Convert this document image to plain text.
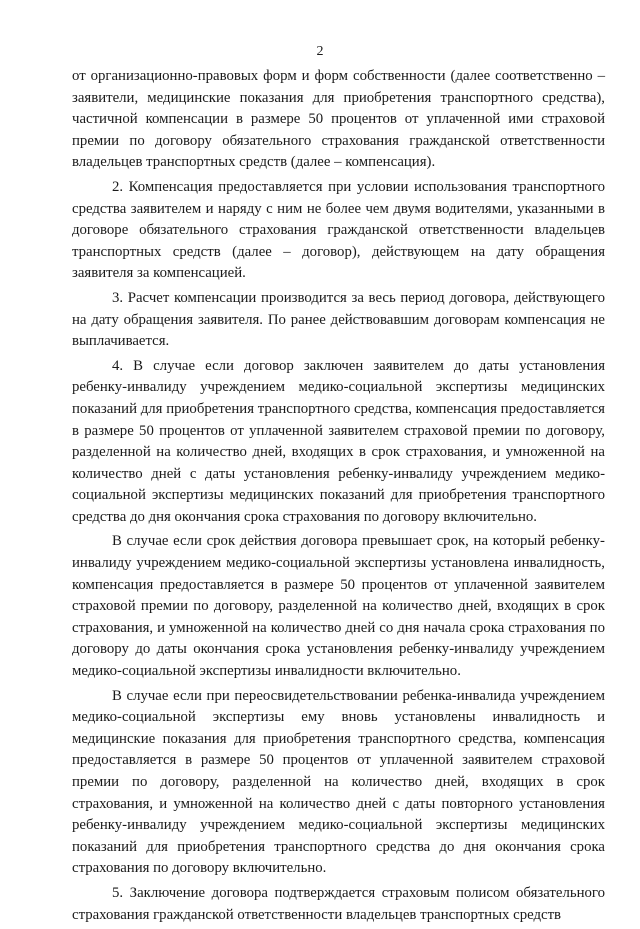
2

от организационно-правовых форм и форм собственности (далее соответственно – заявители, медицинские показания для приобретения транспортного средства), частичной компенсации в размере 50 процентов от уплаченной ими страховой премии по договору обязательного страхования гражданской ответственности владельцев транспортных средств (далее – компенсация).

2. Компенсация предоставляется при условии использования транспортного средства заявителем и наряду с ним не более чем двумя водителями, указанными в договоре обязательного страхования гражданской ответственности владельцев транспортных средств (далее – договор), действующем на дату обращения заявителя за компенсацией.

3. Расчет компенсации производится за весь период договора, действующего на дату обращения заявителя. По ранее действовавшим договорам компенсация не выплачивается.

4. В случае если договор заключен заявителем до даты установления ребенку-инвалиду учреждением медико-социальной экспертизы медицинских показаний для приобретения транспортного средства, компенсация предоставляется в размере 50 процентов от уплаченной заявителем страховой премии по договору, разделенной на количество дней, входящих в срок страхования, и умноженной на количество дней с даты установления ребенку-инвалиду учреждением медико-социальной экспертизы медицинских показаний для приобретения транспортного средства до дня окончания срока страхования по договору включительно.

В случае если срок действия договора превышает срок, на который ребенку-инвалиду учреждением медико-социальной экспертизы установлена инвалидность, компенсация предоставляется в размере 50 процентов от уплаченной заявителем страховой премии по договору, разделенной на количество дней, входящих в срок страхования, и умноженной на количество дней со дня начала срока страхования по договору до даты окончания срока установления ребенку-инвалиду учреждением медико-социальной экспертизы инвалидности включительно.

В случае если при переосвидетельствовании ребенка-инвалида учреждением медико-социальной экспертизы ему вновь установлены инвалидность и медицинские показания для приобретения транспортного средства, компенсация предоставляется в размере 50 процентов от уплаченной заявителем страховой премии по договору, разделенной на количество дней, входящих в срок страхования, и умноженной на количество дней с даты повторного установления ребенку-инвалиду учреждением медико-социальной экспертизы медицинских показаний для приобретения транспортного средства до дня окончания срока страхования по договору включительно.

5. Заключение договора подтверждается страховым полисом обязательного страхования гражданской ответственности владельцев транспортных средств
